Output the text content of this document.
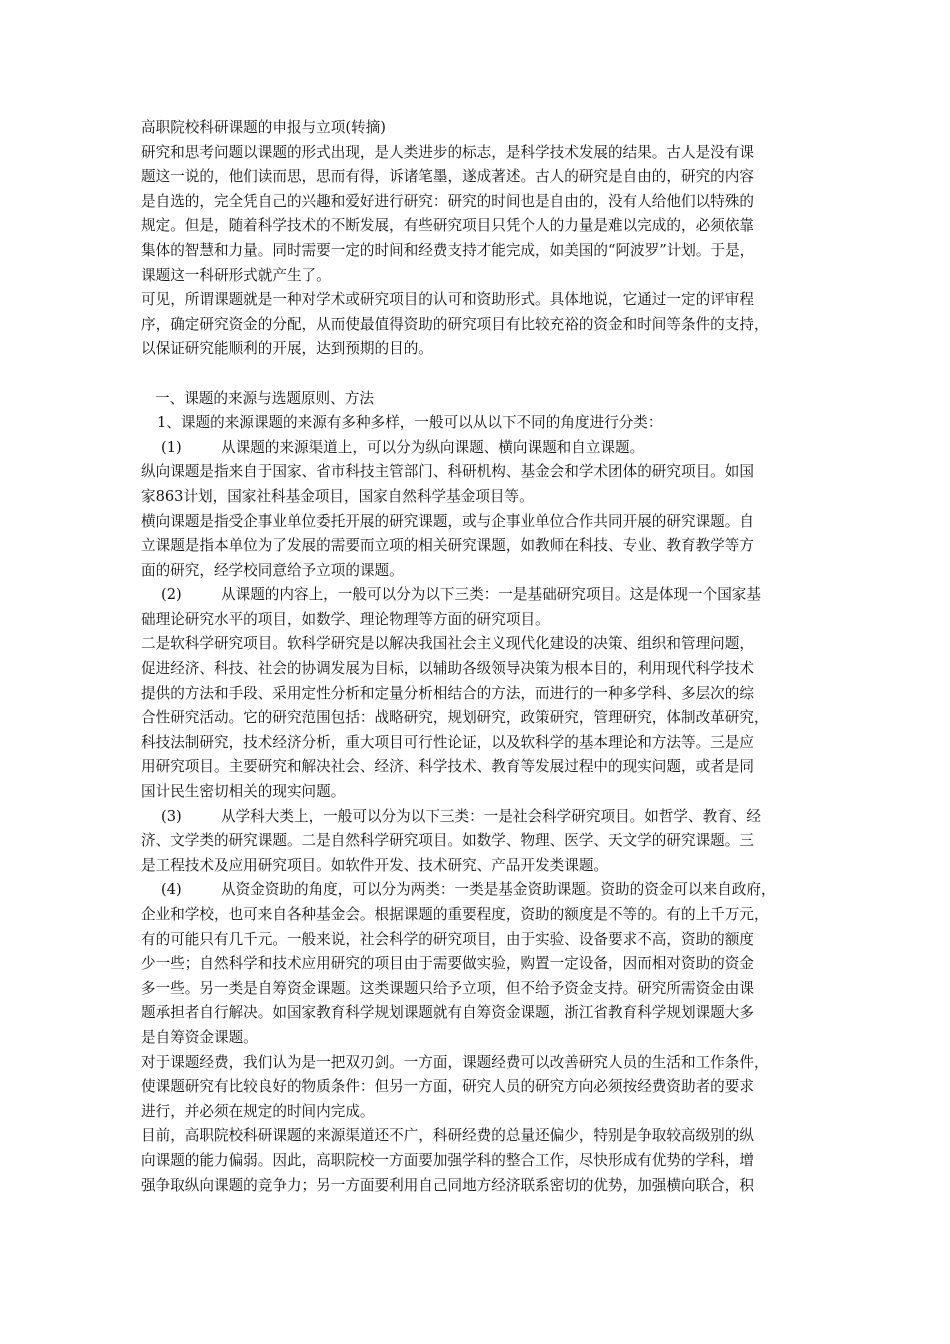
高职院校科研课题的申报与立项(转摘)
研究和思考问题以课题的形式出现，是人类进步的标志，是科学技术发展的结果。古人是没有课
题这一说的，他们读而思，思而有得，诉诸笔墨，遂成著述。古人的研究是自由的，研究的内容
是自选的，完全凭自己的兴趣和爱好进行研究：研究的时间也是自由的，没有人给他们以特殊的
规定。但是，随着科学技术的不断发展，有些研究项目只凭个人的力量是难以完成的，必须依靠
集体的智慧和力量。同时需要一定的时间和经费支持才能完成，如美国的“阿波罗”计划。于是，
课题这一科研形式就产生了。
可见，所谓课题就是一种对学术或研究项目的认可和资助形式。具体地说，它通过一定的评审程
序，确定研究资金的分配，从而使最值得资助的研究项目有比较充裕的资金和时间等条件的支持，
以保证研究能顺利的开展，达到预期的目的。
一、课题的来源与选题原则、方法
1、课题的来源课题的来源有多种多样，一般可以从以下不同的角度进行分类：
(1)	从课题的来源渠道上，可以分为纵向课题、横向课题和自立课题。
纵向课题是指来自于国家、省市科技主管部门、科研机构、基金会和学术团体的研究项目。如国
家863计划，国家社科基金项目，国家自然科学基金项目等。
横向课题是指受企事业单位委托开展的研究课题，或与企事业单位合作共同开展的研究课题。自
立课题是指本单位为了发展的需要而立项的相关研究课题，如教师在科技、专业、教育教学等方
面的研究，经学校同意给予立项的课题。
(2)	从课题的内容上，一般可以分为以下三类：一是基础研究项目。这是体现一个国家基
础理论研究水平的项目，如数学、理论物理等方面的研究项目。
二是软科学研究项目。软科学研究是以解决我国社会主义现代化建设的决策、组织和管理问题，
促进经济、科技、社会的协调发展为目标，以辅助各级领导决策为根本目的，利用现代科学技术
提供的方法和手段、采用定性分析和定量分析相结合的方法，而进行的一种多学科、多层次的综
合性研究活动。它的研究范围包括：战略研究，规划研究，政策研究，管理研究，体制改革研究，
科技法制研究，技术经济分析，重大项目可行性论证，以及软科学的基本理论和方法等。三是应
用研究项目。主要研究和解决社会、经济、科学技术、教育等发展过程中的现实问题，或者是同
国计民生密切相关的现实问题。
(3)	从学科大类上，一般可以分为以下三类：一是社会科学研究项目。如哲学、教育、经
济、文学类的研究课题。二是自然科学研究项目。如数学、物理、医学、天文学的研究课题。三
是工程技术及应用研究项目。如软件开发、技术研究、产品开发类课题。
(4)	从资金资助的角度，可以分为两类：一类是基金资助课题。资助的资金可以来自政府，
企业和学校，也可来自各种基金会。根据课题的重要程度，资助的额度是不等的。有的上千万元，
有的可能只有几千元。一般来说，社会科学的研究项目，由于实验、设备要求不高，资助的额度
少一些；自然科学和技术应用研究的项目由于需要做实验，购置一定设备，因而相对资助的资金
多一些。另一类是自筹资金课题。这类课题只给予立项，但不给予资金支持。研究所需资金由课
题承担者自行解决。如国家教育科学规划课题就有自筹资金课题，浙江省教育科学规划课题大多
是自筹资金课题。
对于课题经费，我们认为是一把双刃剑。一方面，课题经费可以改善研究人员的生活和工作条件，
使课题研究有比较良好的物质条件：但另一方面，研究人员的研究方向必须按经费资助者的要求
进行，并必须在规定的时间内完成。
目前，高职院校科研课题的来源渠道还不广，科研经费的总量还偏少，特别是争取较高级别的纵
向课题的能力偏弱。因此，高职院校一方面要加强学科的整合工作，尽快形成有优势的学科，增
强争取纵向课题的竞争力；另一方面要利用自己同地方经济联系密切的优势，加强横向联合，积
